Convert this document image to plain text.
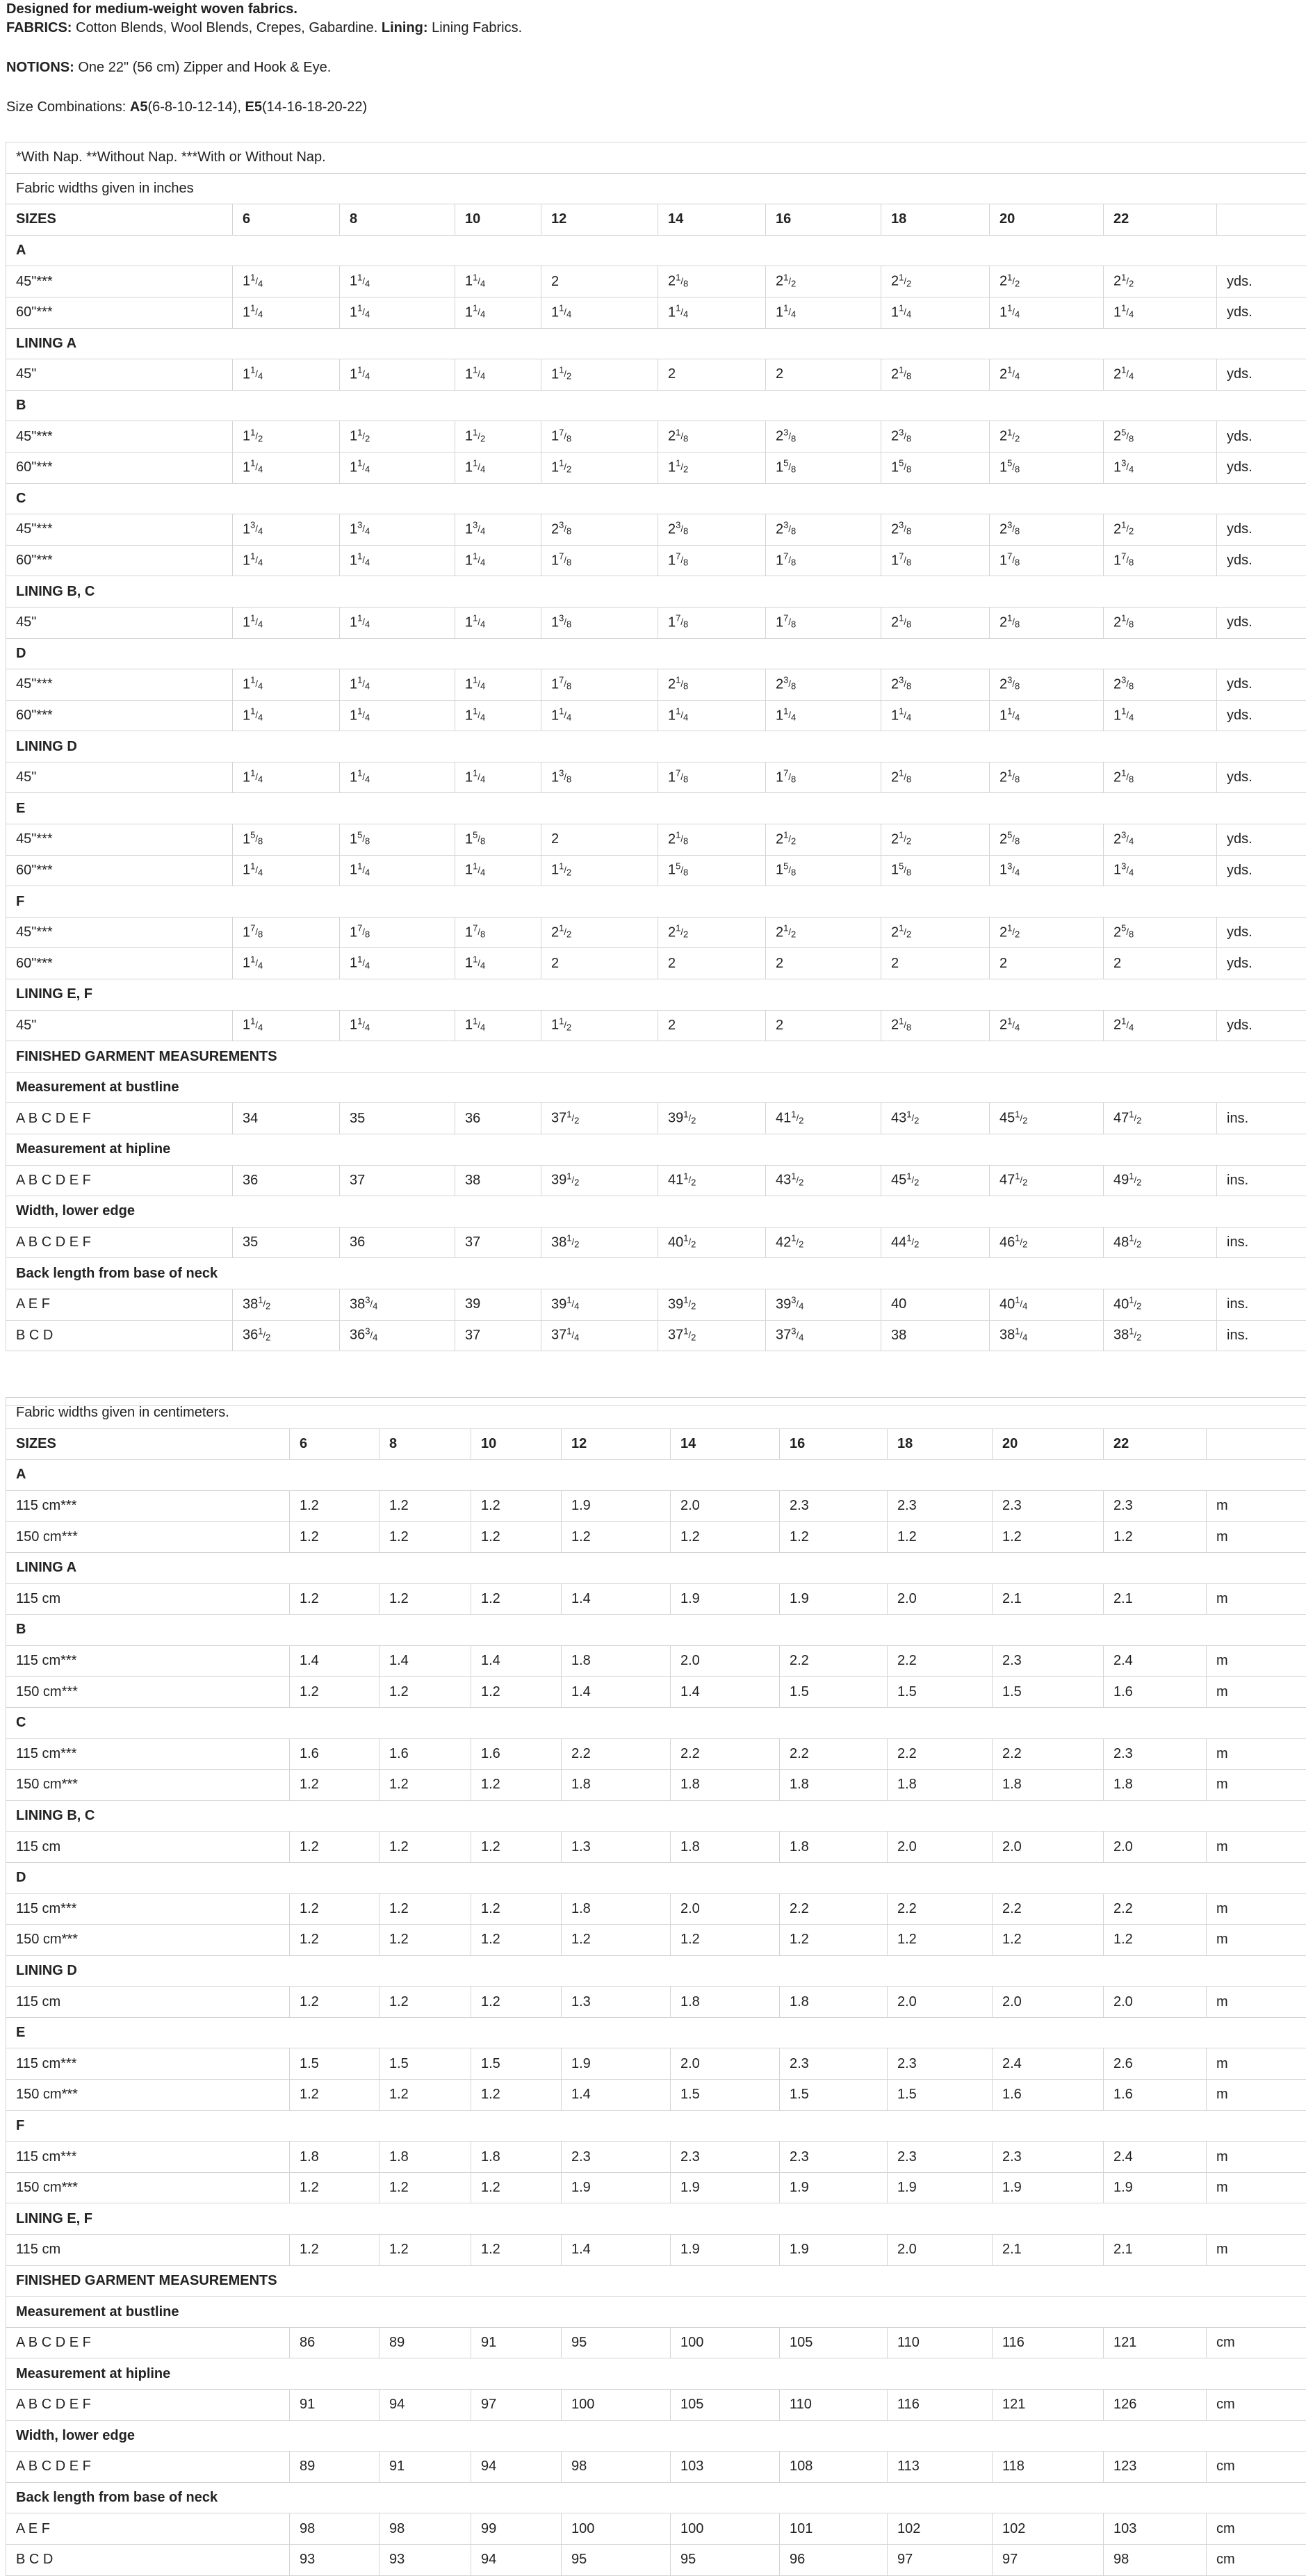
Designed for medium-weight woven fabrics.

FABRICS: Cotton Blends, Wool Blends, Crepes, Gabardine. Lining: Lining Fabrics.

NOTIONS: One 22" (56 cm) Zipper and Hook & Eye.

Size Combinations: A5(6-8-10-12-14), E5(14-16-18-20-22)

*With Nap. **Without Nap. ***With or Without Nap.										
Fabric widths given in inches										
SIZES	6	8	10	12	14	16	18	20	22	
A										
45"***	$1^1/_4$	$1^1/_4$	$1^1/_4$	2	$2^1/_8$	$2^1/_2$	$2^1/_2$	$2^1/_2$	$2^1/_2$	yds.
60"***	$1^1/_4$	$1^1/_4$	$1^1/_4$	$1^1/_4$	$1^1/_4$	$1^1/_4$	$1^1/_4$	$1^1/_4$	$1^1/_4$	yds.
LINING A										
45"	$1^1/_4$	$1^1/_4$	$1^1/_4$	$1^1/_2$	2	2	$2^1/_8$	$2^1/_4$	$2^1/_4$	yds.
B										
45"***	$1^1/_2$	$1^1/_2$	$1^1/_2$	$1^7/_8$	$2^1/_8$	$2^3/_8$	$2^3/_8$	$2^1/_2$	$2^5/_8$	yds.
60"***	$1^1/_4$	$1^1/_4$	$1^1/_4$	$1^1/_2$	$1^1/_2$	$1^5/_8$	$1^5/_8$	$1^5/_8$	$1^3/_4$	yds.
C										
45"***	$1^3/_4$	$1^3/_4$	$1^3/_4$	$2^3/_8$	$2^3/_8$	$2^3/_8$	$2^3/_8$	$2^3/_8$	$2^1/_2$	yds.
60"***	$1^1/_4$	$1^1/_4$	$1^1/_4$	$1^7/_8$	$1^7/_8$	$1^7/_8$	$1^7/_8$	$1^7/_8$	$1^7/_8$	yds.
LINING B, C										
45"	$1^1/_4$	$1^1/_4$	$1^1/_4$	$1^3/_8$	$1^7/_8$	$1^7/_8$	$2^1/_8$	$2^1/_8$	$2^1/_8$	yds.
D										
45"***	$1^1/_4$	$1^1/_4$	$1^1/_4$	$1^7/_8$	$2^1/_8$	$2^3/_8$	$2^3/_8$	$2^3/_8$	$2^3/_8$	yds.
60"***	$1^1/_4$	$1^1/_4$	$1^1/_4$	$1^1/_4$	$1^1/_4$	$1^1/_4$	$1^1/_4$	$1^1/_4$	$1^1/_4$	yds.
LINING D										
45"	$1^1/_4$	$1^1/_4$	$1^1/_4$	$1^3/_8$	$1^7/_8$	$1^7/_8$	$2^1/_8$	$2^1/_8$	$2^1/_8$	yds.
E										
45"***	$1^5/_8$	$1^5/_8$	$1^5/_8$	2	$2^1/_8$	$2^1/_2$	$2^1/_2$	$2^5/_8$	$2^3/_4$	yds.
60"***	$1^1/_4$	$1^1/_4$	$1^1/_4$	$1^1/_2$	$1^5/_8$	$1^5/_8$	$1^5/_8$	$1^3/_4$	$1^3/_4$	yds.
F										
45"***	$1^7/_8$	$1^7/_8$	$1^7/_8$	$2^1/_2$	$2^1/_2$	$2^1/_2$	$2^1/_2$	$2^1/_2$	$2^5/_8$	yds.
60"***	$1^1/_4$	$1^1/_4$	$1^1/_4$	2	2	2	2	2	2	yds.
LINING E, F										
45"	$1^1/_4$	$1^1/_4$	$1^1/_4$	$1^1/_2$	2	2	$2^1/_8$	$2^1/_4$	$2^1/_4$	yds.
FINISHED GARMENT MEASUREMENTS										
Measurement at bustline										
A B C D E F	34	35	36	$37^1/_2$	$39^1/_2$	$41^1/_2$	$43^1/_2$	$45^1/_2$	$47^1/_2$	ins.
Measurement at hipline										
A B C D E F	36	37	38	$39^1/_2$	$41^1/_2$	$43^1/_2$	$45^1/_2$	$47^1/_2$	$49^1/_2$	ins.
Width, lower edge										
A B C D E F	35	36	37	$38^1/_2$	$40^1/_2$	$42^1/_2$	$44^1/_2$	$46^1/_2$	$48^1/_2$	ins.
Back length from base of neck										
A E F	$38^1/_2$	$38^3/_4$	39	$39^1/_4$	$39^1/_2$	$39^3/_4$	40	$40^1/_4$	$40^1/_2$	ins.
B C D	$36^1/_2$	$36^3/_4$	37	$37^1/_4$	$37^1/_2$	$37^3/_4$	38	$38^1/_4$	$38^1/_2$	ins.

Fabric widths given in centimeters.										
SIZES	6	8	10	12	14	16	18	20	22	
A										
115 cm***	1.2	1.2	1.2	1.9	2.0	2.3	2.3	2.3	2.3	m
150 cm***	1.2	1.2	1.2	1.2	1.2	1.2	1.2	1.2	1.2	m
LINING A										
115 cm	1.2	1.2	1.2	1.4	1.9	1.9	2.0	2.1	2.1	m
B										
115 cm***	1.4	1.4	1.4	1.8	2.0	2.2	2.2	2.3	2.4	m
150 cm***	1.2	1.2	1.2	1.4	1.4	1.5	1.5	1.5	1.6	m
C										
115 cm***	1.6	1.6	1.6	2.2	2.2	2.2	2.2	2.2	2.3	m
150 cm***	1.2	1.2	1.2	1.8	1.8	1.8	1.8	1.8	1.8	m
LINING B, C										
115 cm	1.2	1.2	1.2	1.3	1.8	1.8	2.0	2.0	2.0	m
D										
115 cm***	1.2	1.2	1.2	1.8	2.0	2.2	2.2	2.2	2.2	m
150 cm***	1.2	1.2	1.2	1.2	1.2	1.2	1.2	1.2	1.2	m
LINING D										
115 cm	1.2	1.2	1.2	1.3	1.8	1.8	2.0	2.0	2.0	m
E										
115 cm***	1.5	1.5	1.5	1.9	2.0	2.3	2.3	2.4	2.6	m
150 cm***	1.2	1.2	1.2	1.4	1.5	1.5	1.5	1.6	1.6	m
F										
115 cm***	1.8	1.8	1.8	2.3	2.3	2.3	2.3	2.3	2.4	m
150 cm***	1.2	1.2	1.2	1.9	1.9	1.9	1.9	1.9	1.9	m
LINING E, F										
115 cm	1.2	1.2	1.2	1.4	1.9	1.9	2.0	2.1	2.1	m
FINISHED GARMENT MEASUREMENTS										
Measurement at bustline										
A B C D E F	86	89	91	95	100	105	110	116	121	cm
Measurement at hipline										
A B C D E F	91	94	97	100	105	110	116	121	126	cm
Width, lower edge										
A B C D E F	89	91	94	98	103	108	113	118	123	cm
Back length from base of neck										
A E F	98	98	99	100	100	101	102	102	103	cm
B C D	93	93	94	95	95	96	97	97	98	cm
